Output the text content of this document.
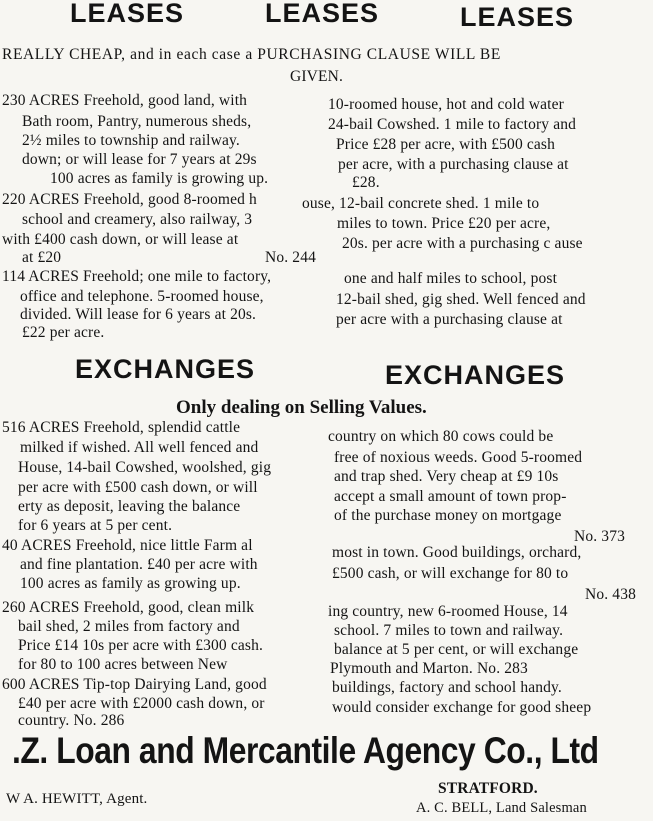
LEASES	LEASES	LEASES

REALLY CHEAP, and in each case a PURCHASING CLAUSE WILL BE

GIVEN.

230 ACRES Freehold, good land, with	10-roomed house, hot and cold water

Bath room, Pantry, numerous sheds,	24-bail Cowshed. 1 mile to factory and

2½ miles to township and railway.	Price £28 per acre, with £500 cash

down; or will lease for 7 years at 29s	per acre, with a purchasing clause at

100 acres as family is growing up.	£28.

220 ACRES Freehold, good 8-roomed h	ouse, 12-bail concrete shed. 1 mile to

school and creamery, also railway, 3	miles to town. Price £20 per acre,

with £400 cash down, or will lease at	20s. per acre with a purchasing c ause

at £20	No. 244

114 ACRES Freehold; one mile to factory,	one and half miles to school, post

office and telephone. 5-roomed house,	12-bail shed, gig shed. Well fenced and

divided. Will lease for 6 years at 20s.	per acre with a purchasing clause at

£22 per acre.

EXCHANGES	EXCHANGES

Only dealing on Selling Values.

516 ACRES Freehold, splendid cattle

country on which 80 cows could be

milked if wished. All well fenced and

free of noxious weeds. Good 5-roomed

House, 14-bail Cowshed, woolshed, gig

and trap shed. Very cheap at £9 10s

per acre with £500 cash down, or will

accept a small amount of town prop-

erty as deposit, leaving the balance

of the purchase money on mortgage

for 6 years at 5 per cent.

No. 373

40 ACRES Freehold, nice little Farm al	most in town. Good buildings, orchard,

and fine plantation. £40 per acre with

£500 cash, or will exchange for 80 to

100 acres as family as growing up.

No. 438

260 ACRES Freehold, good, clean milk	ing country, new 6-roomed House, 14

bail shed, 2 miles from factory and	school. 7 miles to town and railway.

Price £14 10s per acre with £300 cash.	balance at 5 per cent, or will exchange

for 80 to 100 acres between New	Plymouth and Marton. No. 283

600 ACRES Tip-top Dairying Land, good	buildings, factory and school handy.

£40 per acre with £2000 cash down, or	would consider exchange for good sheep

country. No. 286

.Z. Loan and Mercantile Agency Co., Ltd

W A. HEWITT, Agent.

STRATFORD.

A. C. BELL, Land Salesman
